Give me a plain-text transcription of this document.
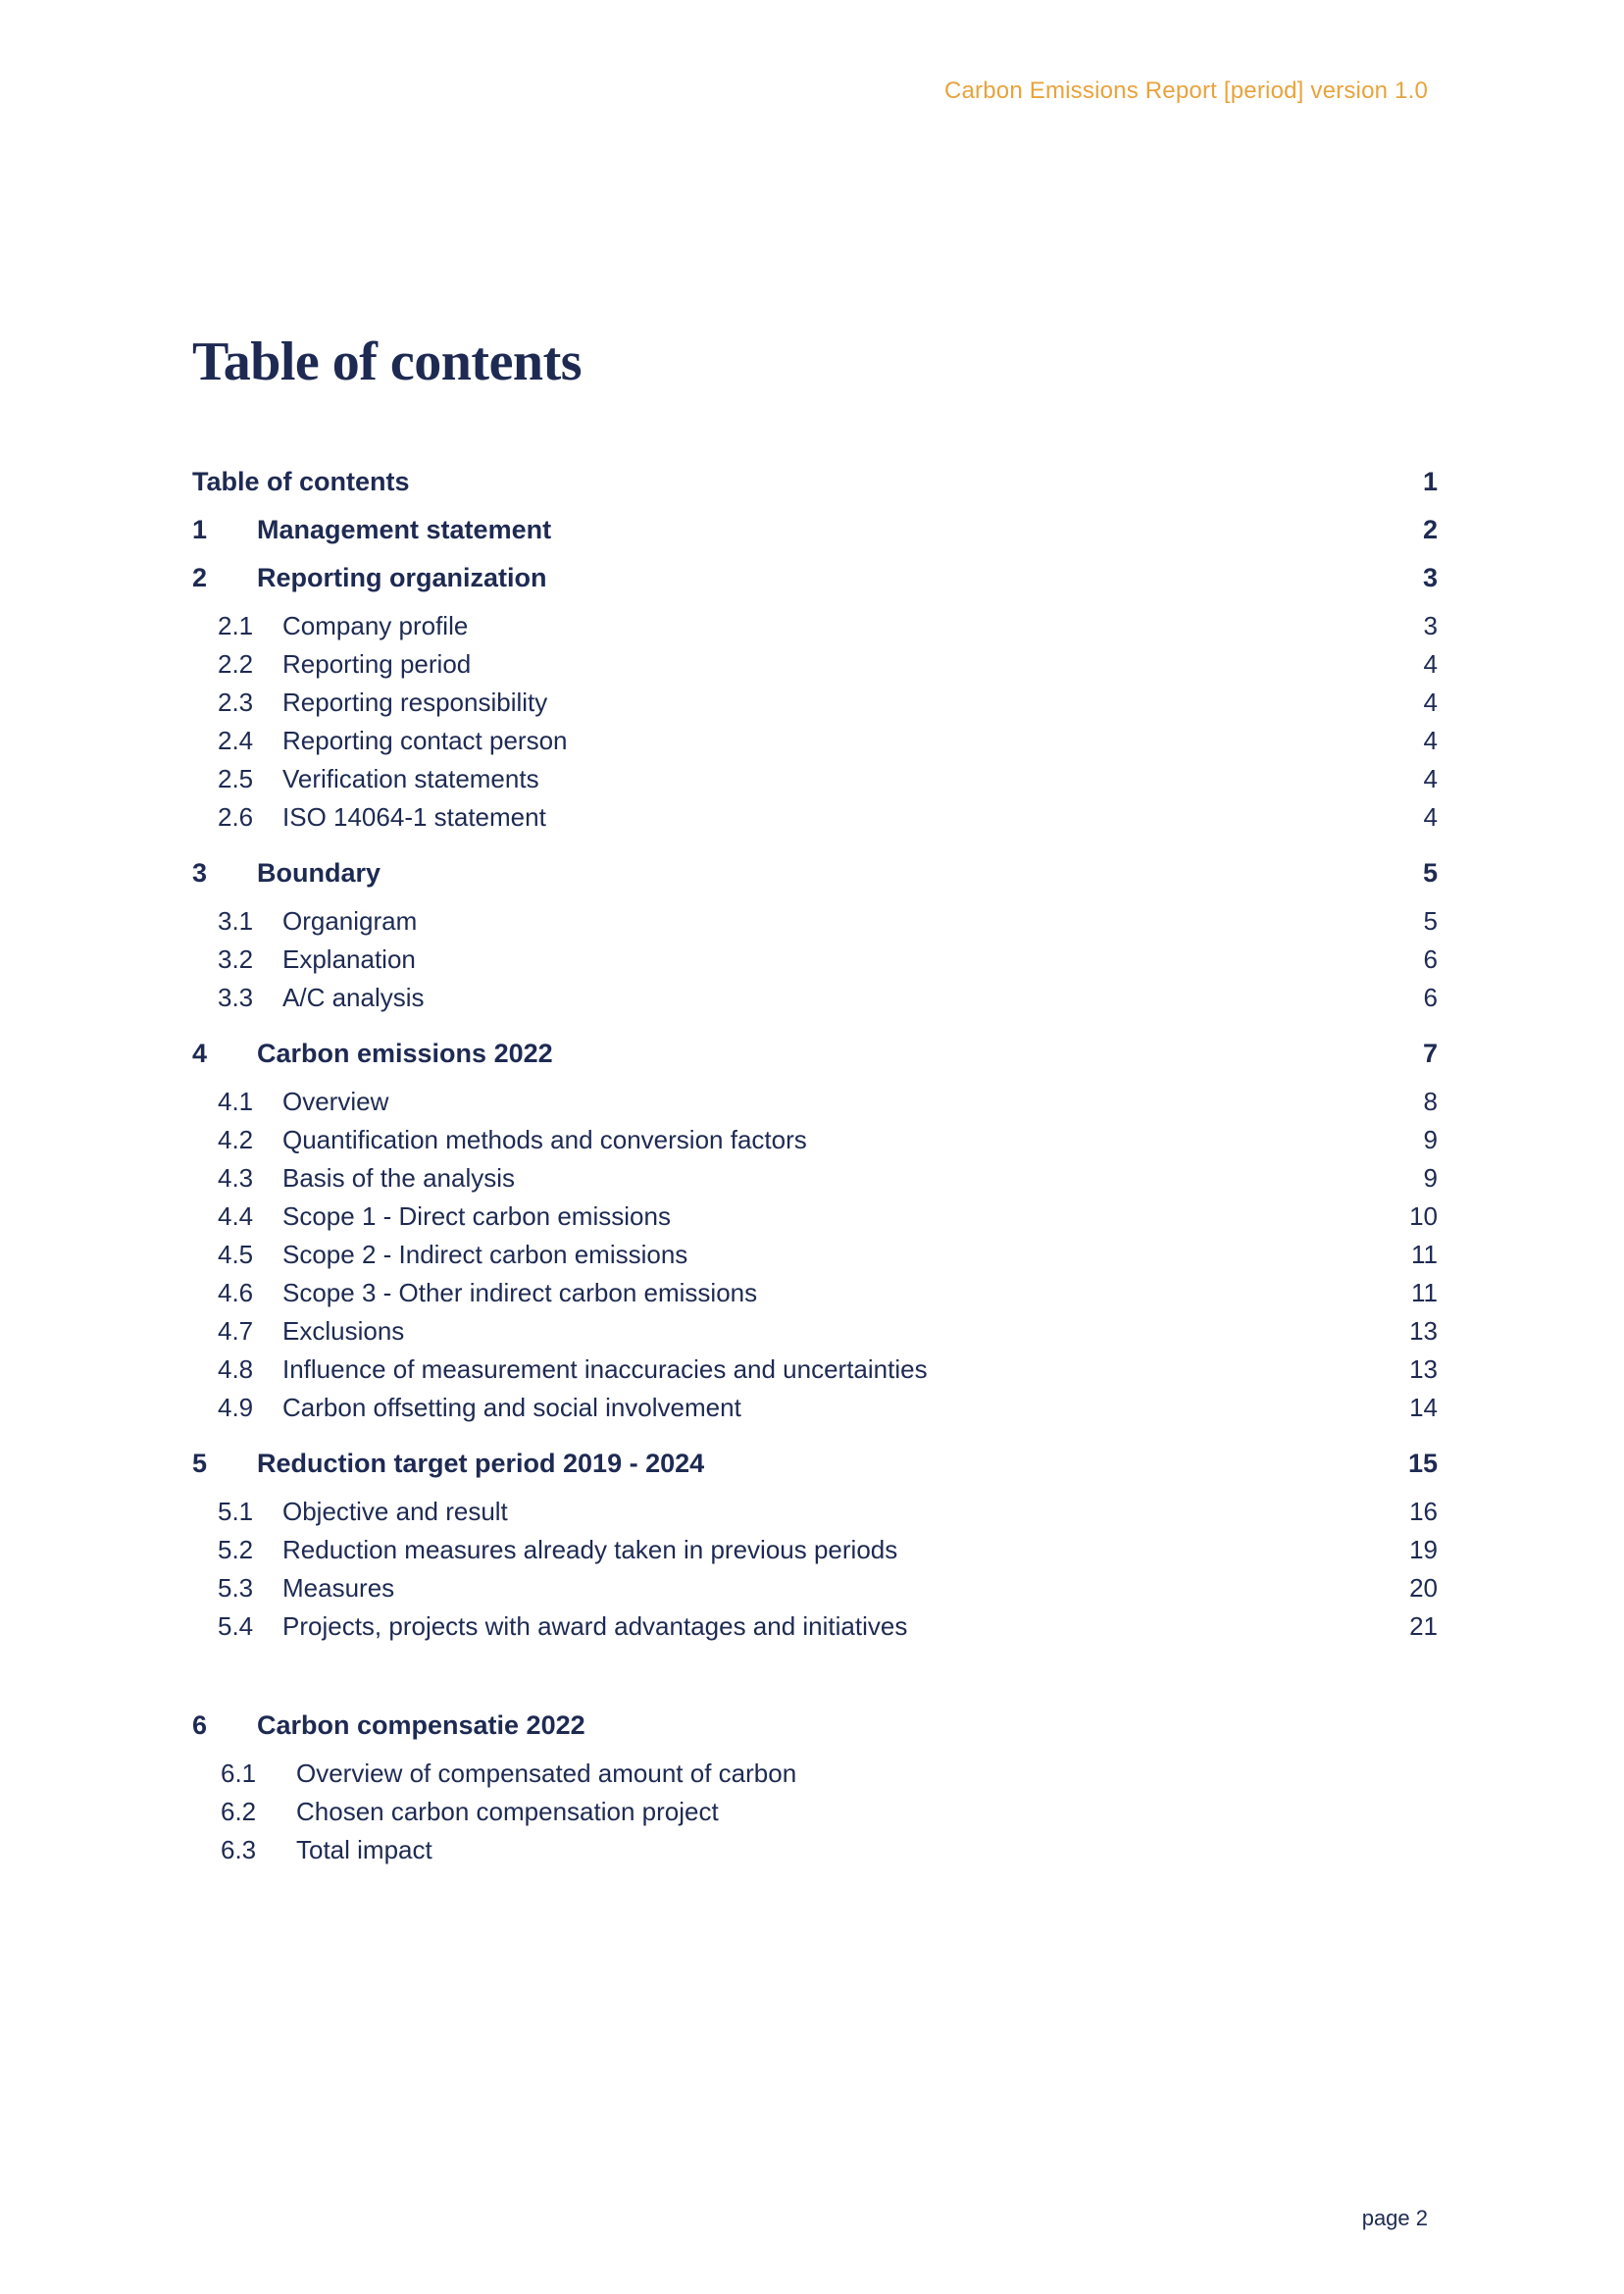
Carbon Emissions Report [period] version 1.0
Table of contents
Table of contents	1
1	Management statement	2
2	Reporting organization	3
2.1	Company profile	3
2.2	Reporting period	4
2.3	Reporting responsibility	4
2.4	Reporting contact person	4
2.5	Verification statements	4
2.6	ISO 14064-1 statement	4
3	Boundary	5
3.1	Organigram	5
3.2	Explanation	6
3.3	A/C analysis	6
4	Carbon emissions 2022	7
4.1	Overview	8
4.2	Quantification methods and conversion factors	9
4.3	Basis of the analysis	9
4.4	Scope 1 - Direct carbon emissions	10
4.5	Scope 2 - Indirect carbon emissions	11
4.6	Scope 3 - Other indirect carbon emissions	11
4.7	Exclusions	13
4.8	Influence of measurement inaccuracies and uncertainties	13
4.9	Carbon offsetting and social involvement	14
5	Reduction target period 2019 - 2024	15
5.1	Objective and result	16
5.2	Reduction measures already taken in previous periods	19
5.3	Measures	20
5.4	Projects, projects with award advantages and initiatives	21
6	Carbon compensatie 2022
6.1	Overview of compensated amount of carbon
6.2	Chosen carbon compensation project
6.3	Total impact
page 2
